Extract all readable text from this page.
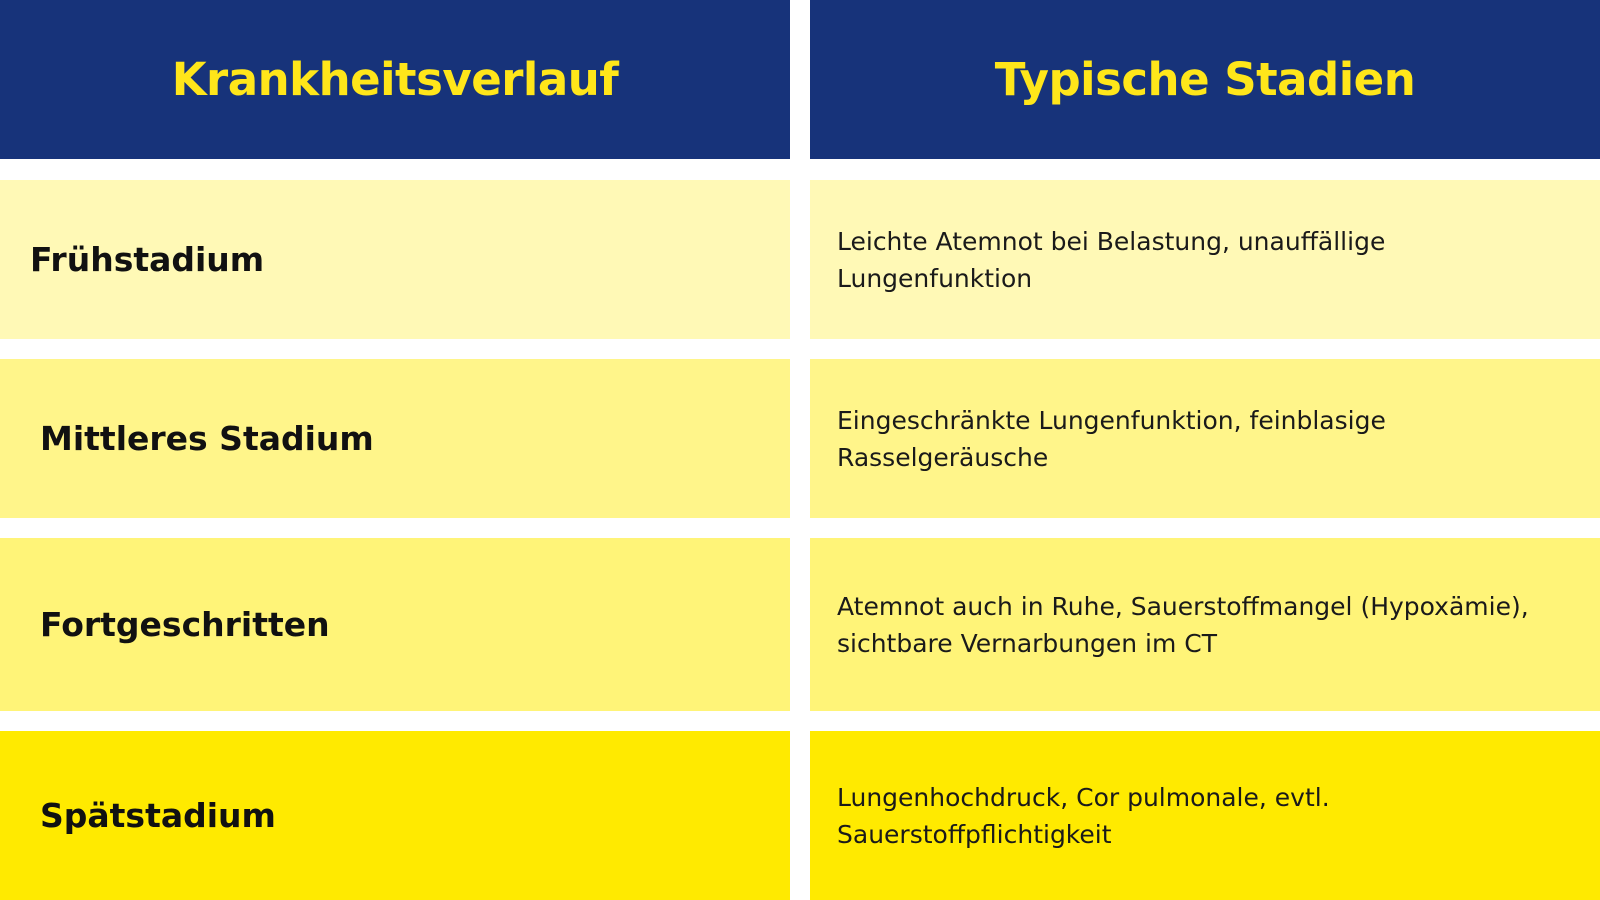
Krankheitsverlauf	Typische Stadien
Frühstadium	Leichte Atemnot bei Belastung, unauffällige Lungenfunktion
Mittleres Stadium	Eingeschränkte Lungenfunktion, feinblasige Rasselgeräusche
Fortgeschritten	Atemnot auch in Ruhe, Sauerstoffmangel (Hypoxämie), sichtbare Vernarbungen im CT
Spätstadium	Lungenhochdruck, Cor pulmonale, evtl. Sauerstoffpflichtigkeit
